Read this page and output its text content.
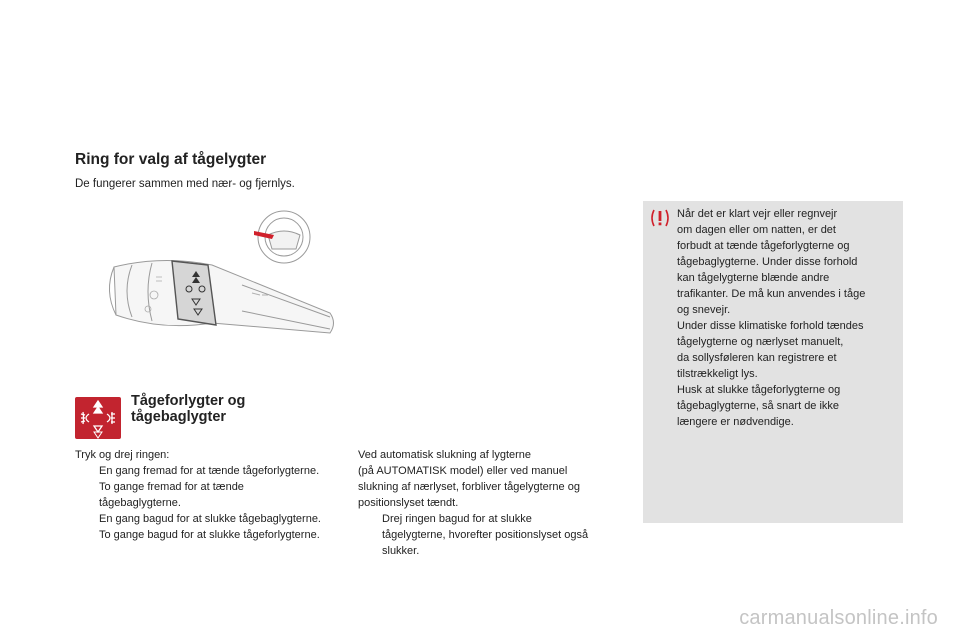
Ring for valg af tågelygter
De fungerer sammen med nær- og fjernlys.
Tågeforlygter og
tågebaglygter

Tryk og drej ringen:

En gang fremad for at tænde tågeforlygterne.
To gange fremad for at tænde
tågebaglygterne.
En gang bagud for at slukke tågebaglygterne.
To gange bagud for at slukke tågeforlygterne.

Ved automatisk slukning af lygterne

(på AUTOMATISK model) eller ved manuel

slukning af nærlyset, forbliver tågelygterne og

positionslyset tændt.

Drej ringen bagud for at slukke
tågelygterne, hvorefter positionslyset også
slukker.

Når det er klart vejr eller regnvejr

om dagen eller om natten, er det

forbudt at tænde tågeforlygterne og

tågebaglygterne. Under disse forhold

kan tågelygterne blænde andre

trafikanter. De må kun anvendes i tåge

og snevejr.

Under disse klimatiske forhold tændes

tågelygterne og nærlyset manuelt,

da sollysføleren kan registrere et

tilstrækkeligt lys.

Husk at slukke tågeforlygterne og

tågebaglygterne, så snart de ikke

længere er nødvendige.

carmanualsonline.info
